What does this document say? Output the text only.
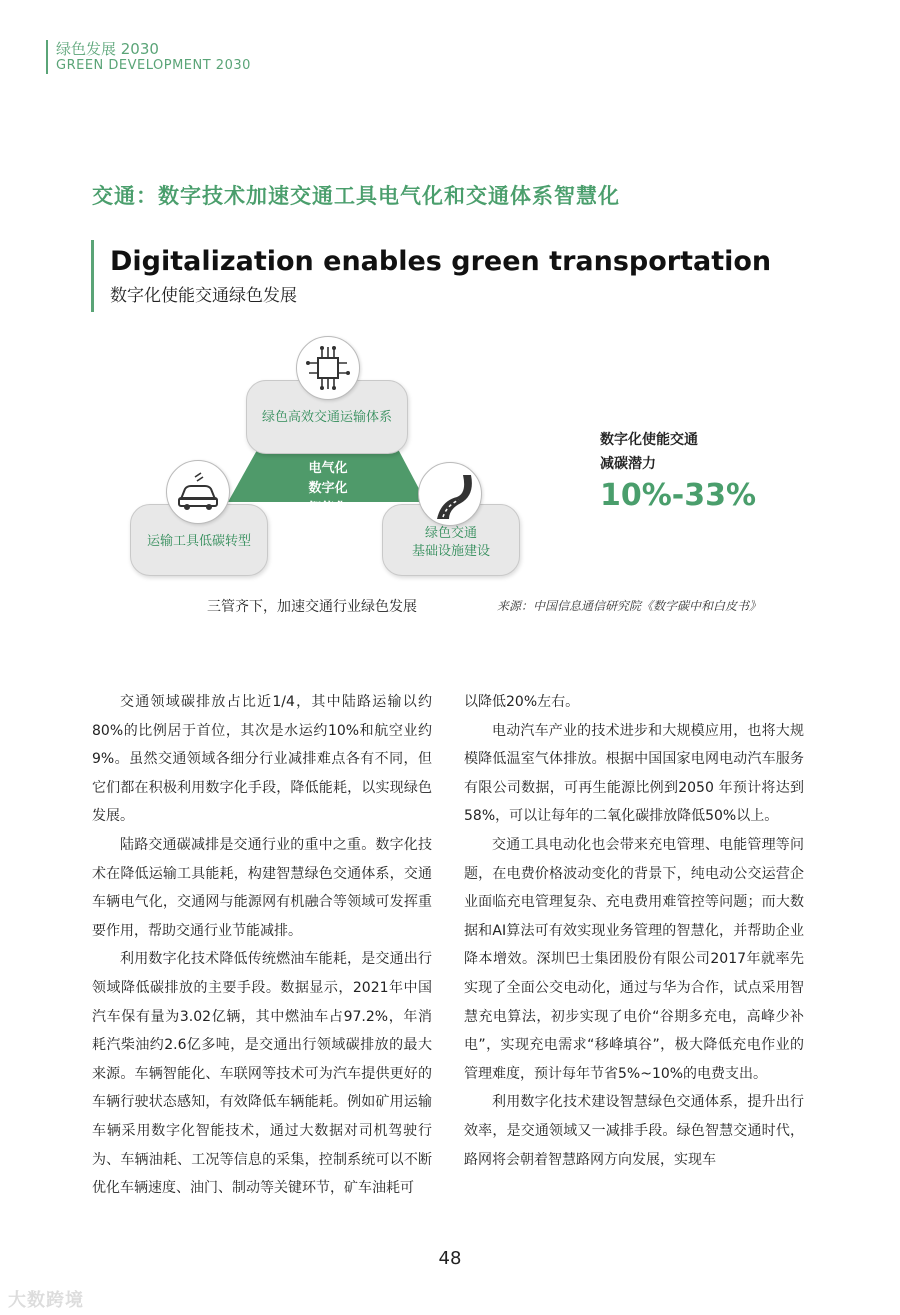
绿色发展 2030
GREEN DEVELOPMENT 2030
交通：数字技术加速交通工具电气化和交通体系智慧化
Digitalization enables green transportation
数字化使能交通绿色发展
绿色高效交通运输体系
运输工具低碳转型
绿色交通
基础设施建设
电气化
数字化
智能化
数字化使能交通
减碳潜力
10%-33%
三管齐下，加速交通行业绿色发展	来源：中国信息通信研究院《数字碳中和白皮书》

交通领域碳排放占比近1/4，其中陆路运输以约80%的比例居于首位，其次是水运约10%和航空业约9%。虽然交通领域各细分行业减排难点各有不同，但它们都在积极利用数字化手段，降低能耗，以实现绿色发展。

陆路交通碳减排是交通行业的重中之重。数字化技术在降低运输工具能耗，构建智慧绿色交通体系，交通车辆电气化，交通网与能源网有机融合等领域可发挥重要作用，帮助交通行业节能减排。

利用数字化技术降低传统燃油车能耗，是交通出行领域降低碳排放的主要手段。数据显示，2021年中国汽车保有量为3.02亿辆，其中燃油车占97.2%，年消耗汽柴油约2.6亿多吨，是交通出行领域碳排放的最大来源。车辆智能化、车联网等技术可为汽车提供更好的车辆行驶状态感知，有效降低车辆能耗。例如矿用运输车辆采用数字化智能技术，通过大数据对司机驾驶行为、车辆油耗、工况等信息的采集，控制系统可以不断优化车辆速度、油门、制动等关键环节，矿车油耗可

以降低20%左右。

电动汽车产业的技术进步和大规模应用，也将大规模降低温室气体排放。根据中国国家电网电动汽车服务有限公司数据，可再生能源比例到2050 年预计将达到58%，可以让每年的二氧化碳排放降低50%以上。

交通工具电动化也会带来充电管理、电能管理等问题，在电费价格波动变化的背景下，纯电动公交运营企业面临充电管理复杂、充电费用难管控等问题；而大数据和AI算法可有效实现业务管理的智慧化，并帮助企业降本增效。深圳巴士集团股份有限公司2017年就率先实现了全面公交电动化，通过与华为合作，试点采用智慧充电算法，初步实现了电价“谷期多充电，高峰少补电”，实现充电需求“移峰填谷”，极大降低充电作业的管理难度，预计每年节省5%~10%的电费支出。

利用数字化技术建设智慧绿色交通体系，提升出行效率，是交通领域又一减排手段。绿色智慧交通时代，路网将会朝着智慧路网方向发展，实现车

48
大数跨境
